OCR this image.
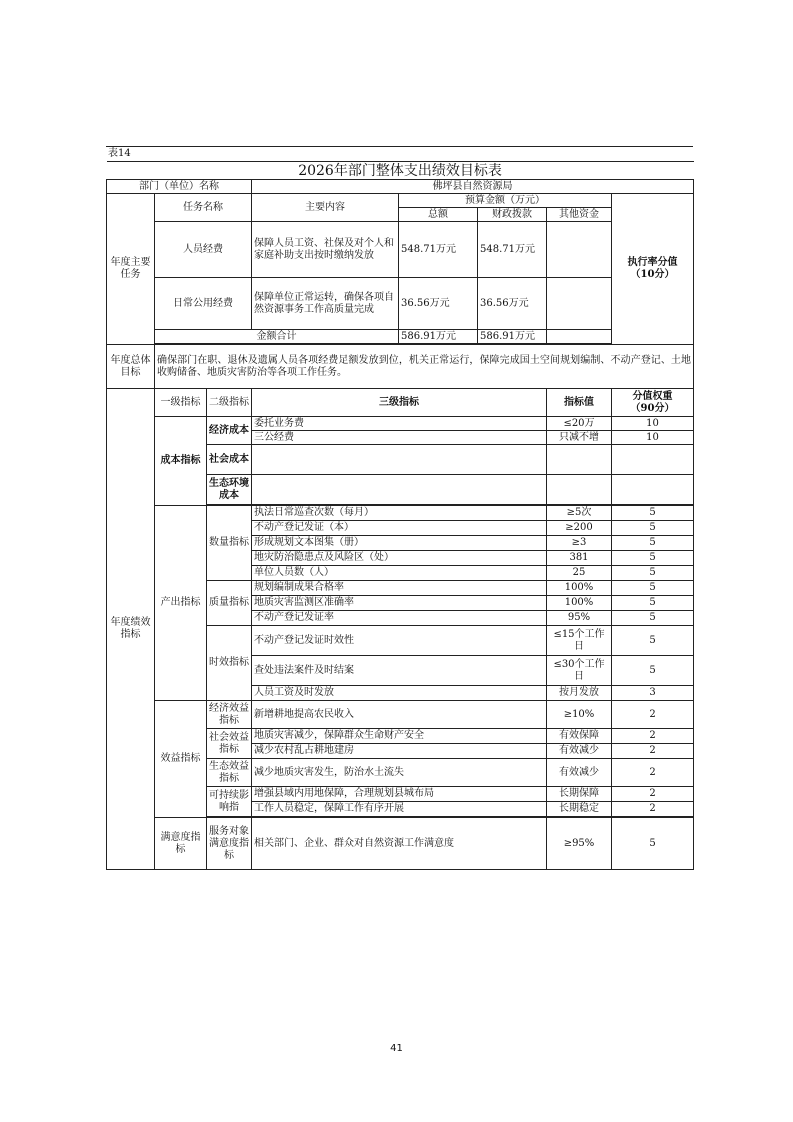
表14
2026年部门整体支出绩效目标表							
部门（单位）名称			佛坪县自然资源局				
年度主要任务	任务名称		主要内容	预算金额（万元）			执行率分值
（10分）

				总额	财政拨款	其他资金	
	人员经费		保障人员工资、社保及对个人和家庭补助支出按时缴纳发放	548.71万元	548.71万元		
	日常公用经费		保障单位正常运转，确保各项自然资源事务工作高质量完成	36.56万元	36.56万元		
	金额合计			586.91万元	586.91万元		

年度总体目标	确保部门在职、退休及遗属人员各项经费足额发放到位，机关正常运行，保障完成国土空间规划编制、不动产登记、土地收购储备、地质灾害防治等各项工作任务。						
年度绩效指标	一级指标	二级指标	三级指标			指标值	分值权重
（90分）

	成本指标	经济成本	委托业务费			≤20万	10
			三公经费			只减不增	10
		社会成本					
		生态环境成本					

	产出指标	数量指标	执法日常巡查次数（每月）			≥5次	5
			不动产登记发证（本）			≥200	5
			形成规划文本图集（册）			≥3	5
			地灾防治隐患点及风险区（处）			381	5
			单位人员数（人）			25	5
		质量指标	规划编制成果合格率			100%	5
			地质灾害监测区准确率			100%	5
			不动产登记发证率			95%	5
		时效指标	不动产登记发证时效性			≤15个工作日	5
			查处违法案件及时结案			≤30个工作日	5
			人员工资及时发放			按月发放	3
	效益指标	经济效益指标	新增耕地提高农民收入			≥10%	2
		社会效益指标	地质灾害减少，保障群众生命财产安全			有效保障	2
			减少农村乱占耕地建房			有效减少	2
		生态效益指标	减少地质灾害发生，防治水土流失			有效减少	2
		可持续影响指	增强县域内用地保障，合理规划县城布局			长期保障	2
			工作人员稳定，保障工作有序开展			长期稳定	2

	满意度指标	服务对象满意度指标	相关部门、企业、群众对自然资源工作满意度			≥95%	5
41
